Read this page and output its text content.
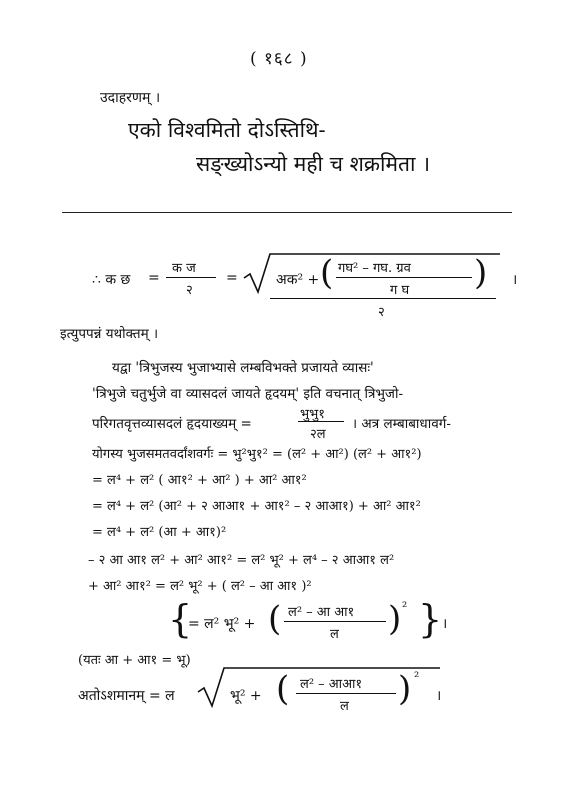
( १६८ )
उदाहरणम् ।
एको विश्वमितो दोऽस्तिथि-
सङ्ख्योऽन्यो मही च शक्रमिता ।
∴ क छ =
क ज
२
=	अक² + ( गघ² – गघ. ग्रव
ग घ )
२
।
इत्युपपन्नं यथोक्तम् ।
यद्वा 'त्रिभुजस्य भुजाभ्यासे लम्बविभक्ते प्रजायते व्यासः'
'त्रिभुजे चतुर्भुजे वा व्यासदलं जायते हृदयम्' इति वचनात् त्रिभुजो-
परिगतवृत्तव्यासदलं हृदयाख्यम् =
भुभु१
२ल
। अत्र लम्बाबाधावर्ग-
योगस्य भुजसमतवर्दांशवर्गः = भु²भु१² = (ल² + आ²) (ल² + आ१²)
= ल⁴ + ल² ( आ१² + आ² ) + आ² आ१²
= ल⁴ + ल² (आ² + २ आआ१ + आ१² – २ आआ१) + आ² आ१²
= ल⁴ + ल² (आ + आ१)²
– २ आ आ१ ल² + आ² आ१² = ल² भू² + ल⁴ – २ आआ१ ल²
+ आ² आ१² = ल² भू² + ( ल² – आ आ१ )²
{
= ल² भू² + ( ल² – आ आ१
ल ) ² } ।
(यतः आ + आ१ = भू)
अतोऽशमानम् = ल	भू² + ( ल² – आआ१
ल ) ²
।
